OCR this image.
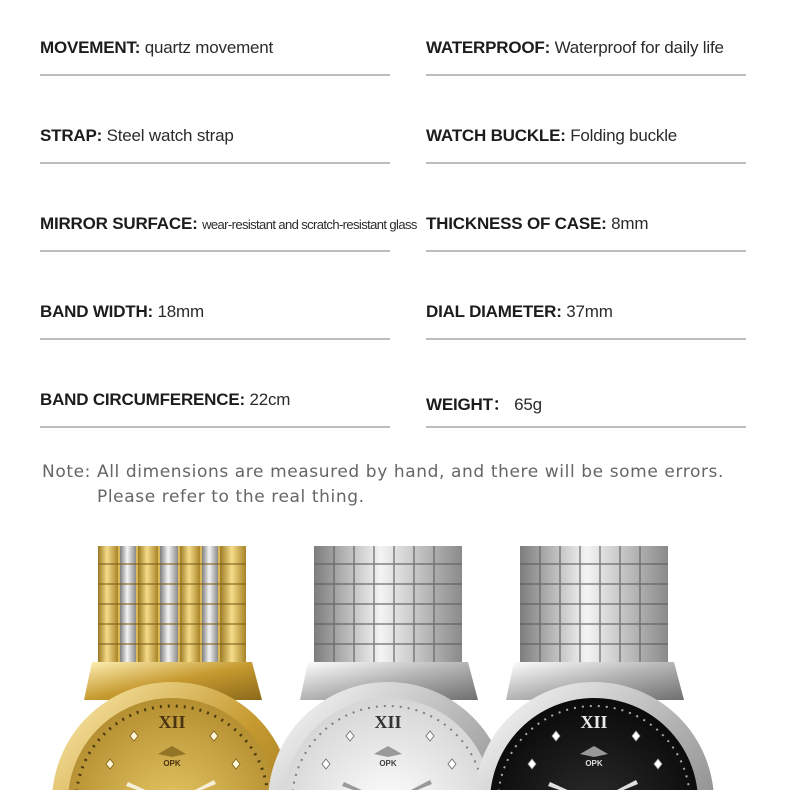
MOVEMENT: quartz movement	WATERPROOF: Waterproof for daily life
STRAP: Steel watch strap	WATCH BUCKLE: Folding buckle
MIRROR SURFACE: wear-resistant and scratch-resistant glass THICKNESS OF CASE: 8mm
BAND WIDTH: 18mm	DIAL DIAMETER: 37mm
BAND CIRCUMFERENCE: 22cm	WEIGHT： 65g
Note: All dimensions are measured by hand, and there will be some errors.
Please refer to the real thing.
XII
OPK
XII
OPK
XII
OPK
